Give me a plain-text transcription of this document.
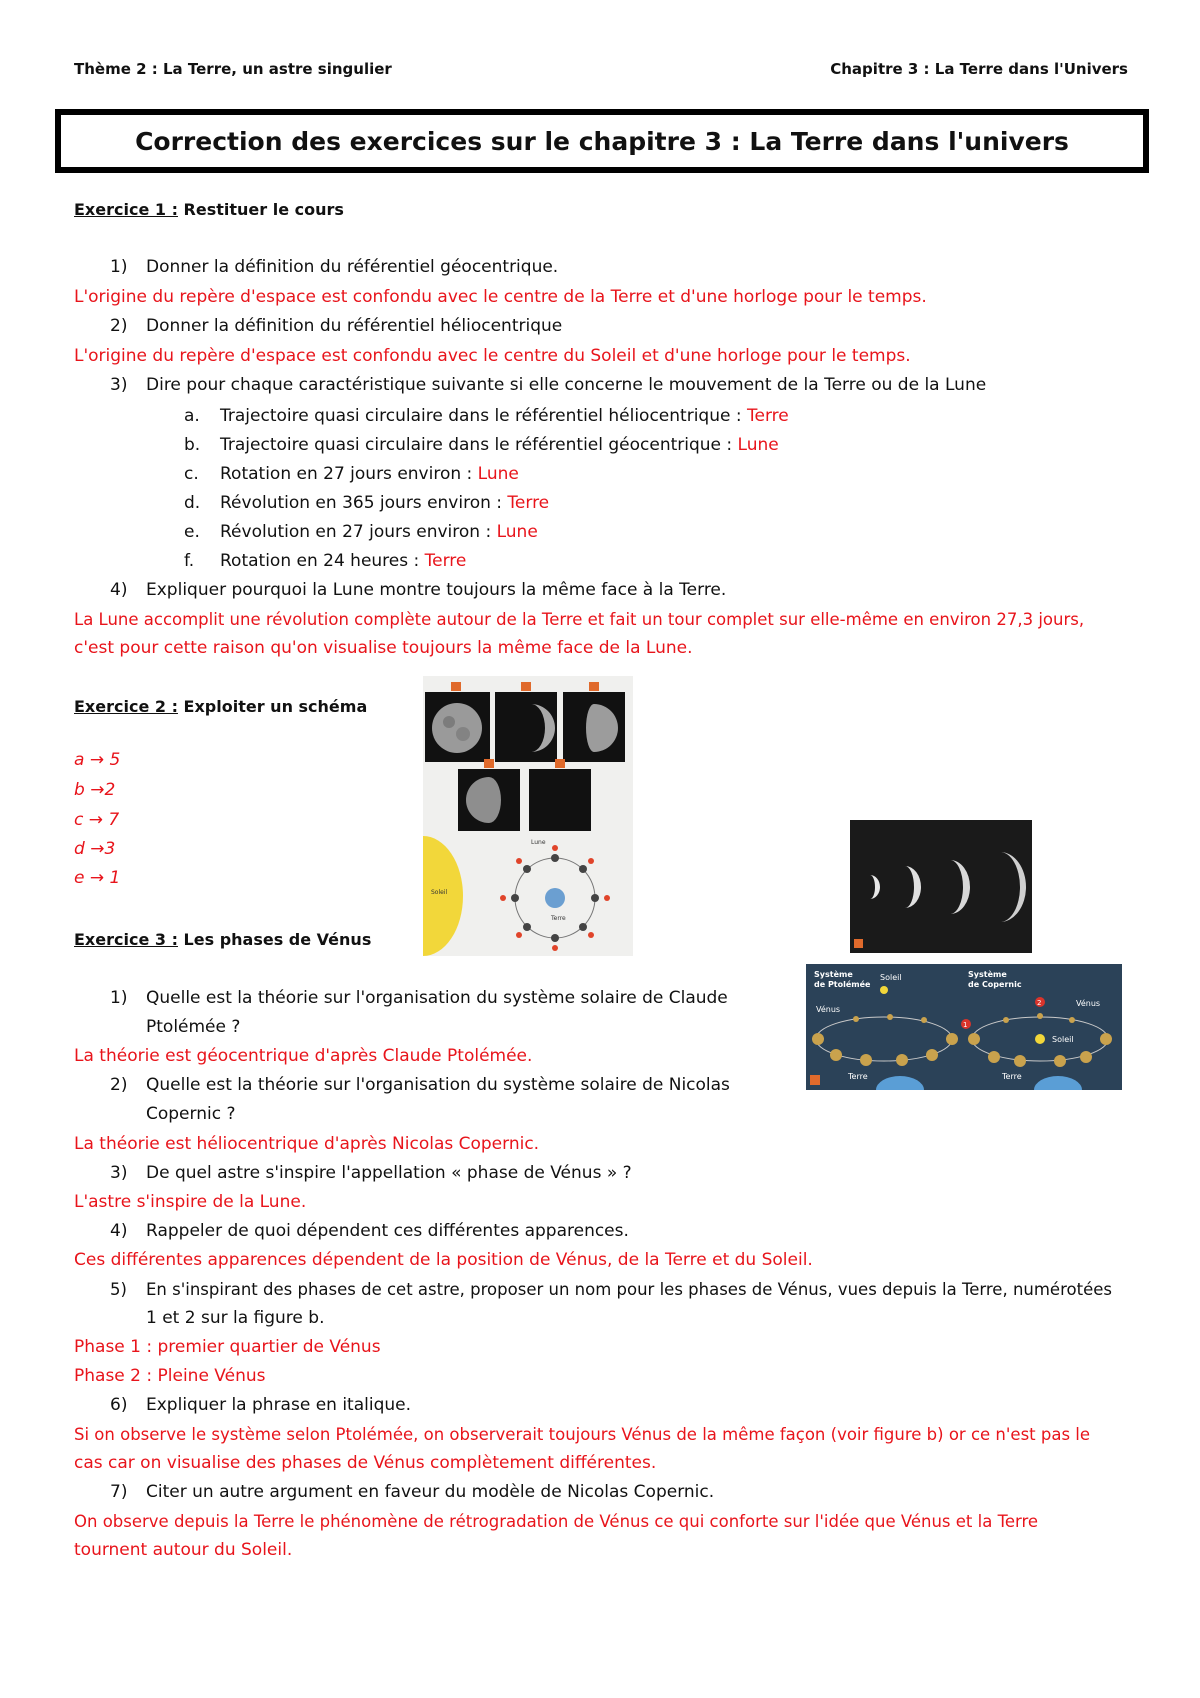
Thème 2 : La Terre, un astre singulier	Chapitre 3 : La Terre dans l'Univers
Correction des exercices sur le chapitre 3 : La Terre dans l'univers
Exercice 1 : Restituer le cours
1) Donner la définition du référentiel géocentrique.
L'origine du repère d'espace est confondu avec le centre de la Terre et d'une horloge pour le temps.
2) Donner la définition du référentiel héliocentrique
L'origine du repère d'espace est confondu avec le centre du Soleil et d'une horloge pour le temps.
3) Dire pour chaque caractéristique suivante si elle concerne le mouvement de la Terre ou de la Lune
a. Trajectoire quasi circulaire dans le référentiel héliocentrique : Terre
b. Trajectoire quasi circulaire dans le référentiel géocentrique : Lune
c. Rotation en 27 jours environ : Lune
d. Révolution en 365 jours environ : Terre
e. Révolution en 27 jours environ : Lune
f. Rotation en 24 heures : Terre
4) Expliquer pourquoi la Lune montre toujours la même face à la Terre.
La Lune accomplit une révolution complète autour de la Terre et fait un tour complet sur elle-même en environ 27,3 jours,
c'est pour cette raison qu'on visualise toujours la même face de la Lune.
Exercice 2 : Exploiter un schéma
a → 5
b →2
c → 7
d →3
e → 1
Soleil
Terre
Lune
Système
de Ptolémée
Système
de Copernic
Soleil
Vénus
Terre
Soleil
Vénus
1
2
Terre
Exercice 3 : Les phases de Vénus
1) Quelle est la théorie sur l'organisation du système solaire de Claude
Ptolémée ?
La théorie est géocentrique d'après Claude Ptolémée.
2) Quelle est la théorie sur l'organisation du système solaire de Nicolas
Copernic ?
La théorie est héliocentrique d'après Nicolas Copernic.
3) De quel astre s'inspire l'appellation « phase de Vénus » ?
L'astre s'inspire de la Lune.
4) Rappeler de quoi dépendent ces différentes apparences.
Ces différentes apparences dépendent de la position de Vénus, de la Terre et du Soleil.
5) En s'inspirant des phases de cet astre, proposer un nom pour les phases de Vénus, vues depuis la Terre, numérotées
1 et 2 sur la figure b.
Phase 1 : premier quartier de Vénus
Phase 2 : Pleine Vénus
6) Expliquer la phrase en italique.
Si on observe le système selon Ptolémée, on observerait toujours Vénus de la même façon (voir figure b) or ce n'est pas le
cas car on visualise des phases de Vénus complètement différentes.
7) Citer un autre argument en faveur du modèle de Nicolas Copernic.
On observe depuis la Terre le phénomène de rétrogradation de Vénus ce qui conforte sur l'idée que Vénus et la Terre
tournent autour du Soleil.
